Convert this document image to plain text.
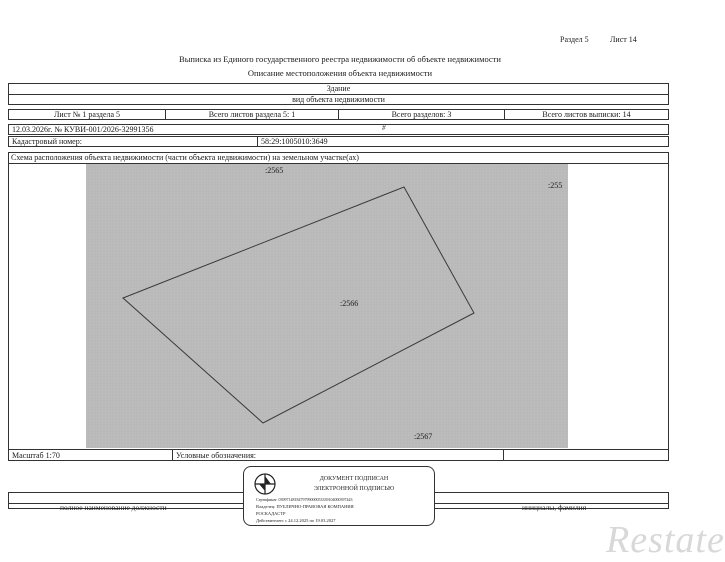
Раздел 5	Лист 14
Выписка из Единого государственного реестра недвижимости об объекте недвижимости
Описание местоположения объекта недвижимости
Здание
вид объекта недвижимости
Лист № 1 раздела 5	Всего листов раздела 5: 1	Всего разделов: 3	Всего листов выписки: 14
12.03.2026г. № КУВИ-001/2026-32991356	#
Кадастровый номер:	58:29:1005010:3649
Схема расположения объекта недвижимости (части объекта недвижимости) на земельном участке(ах)
:2565
:255
:2566
:2567
Масштаб 1:70	Условные обозначения:
полное наименование должности	инициалы, фамилия
ДОКУМЕНТ ПОДПИСАН
ЭЛЕКТРОННОЙ ПОДПИСЬЮ
Сертификат: 0399714818479799000053339104000397443
Владелец: ПУБЛИЧНО-ПРАВОВАЯ КОМПАНИЯ
РОСКАДАСТР
Действителен: с 24.12.2025 по 19.03.2027	Restate
